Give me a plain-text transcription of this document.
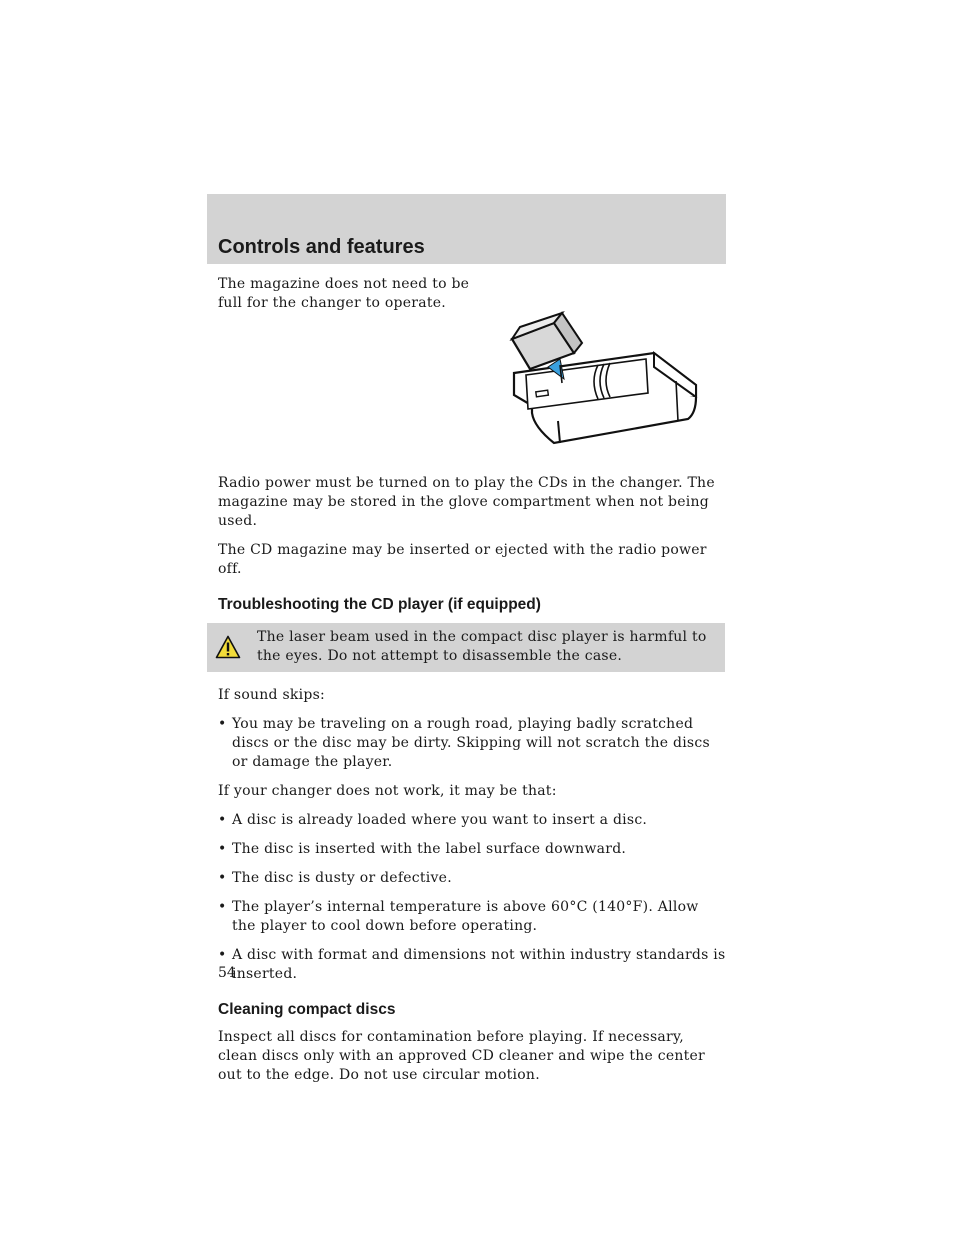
Controls and features

The magazine does not need to be full for the changer to operate.

Radio power must be turned on to play the CDs in the changer. The magazine may be stored in the glove compartment when not being used.

The CD magazine may be inserted or ejected with the radio power off.

Troubleshooting the CD player (if equipped)

The laser beam used in the compact disc player is harmful to the eyes. Do not attempt to disassemble the case.

If sound skips:

• You may be traveling on a rough road, playing badly scratched discs or the disc may be dirty. Skipping will not scratch the discs or damage the player.

If your changer does not work, it may be that:

• A disc is already loaded where you want to insert a disc.
• The disc is inserted with the label surface downward.
• The disc is dusty or defective.
• The player’s internal temperature is above 60°C (140°F). Allow the player to cool down before operating.
• A disc with format and dimensions not within industry standards is inserted.
Cleaning compact discs

Inspect all discs for contamination before playing. If necessary, clean discs only with an approved CD cleaner and wipe the center out to the edge. Do not use circular motion.

54
